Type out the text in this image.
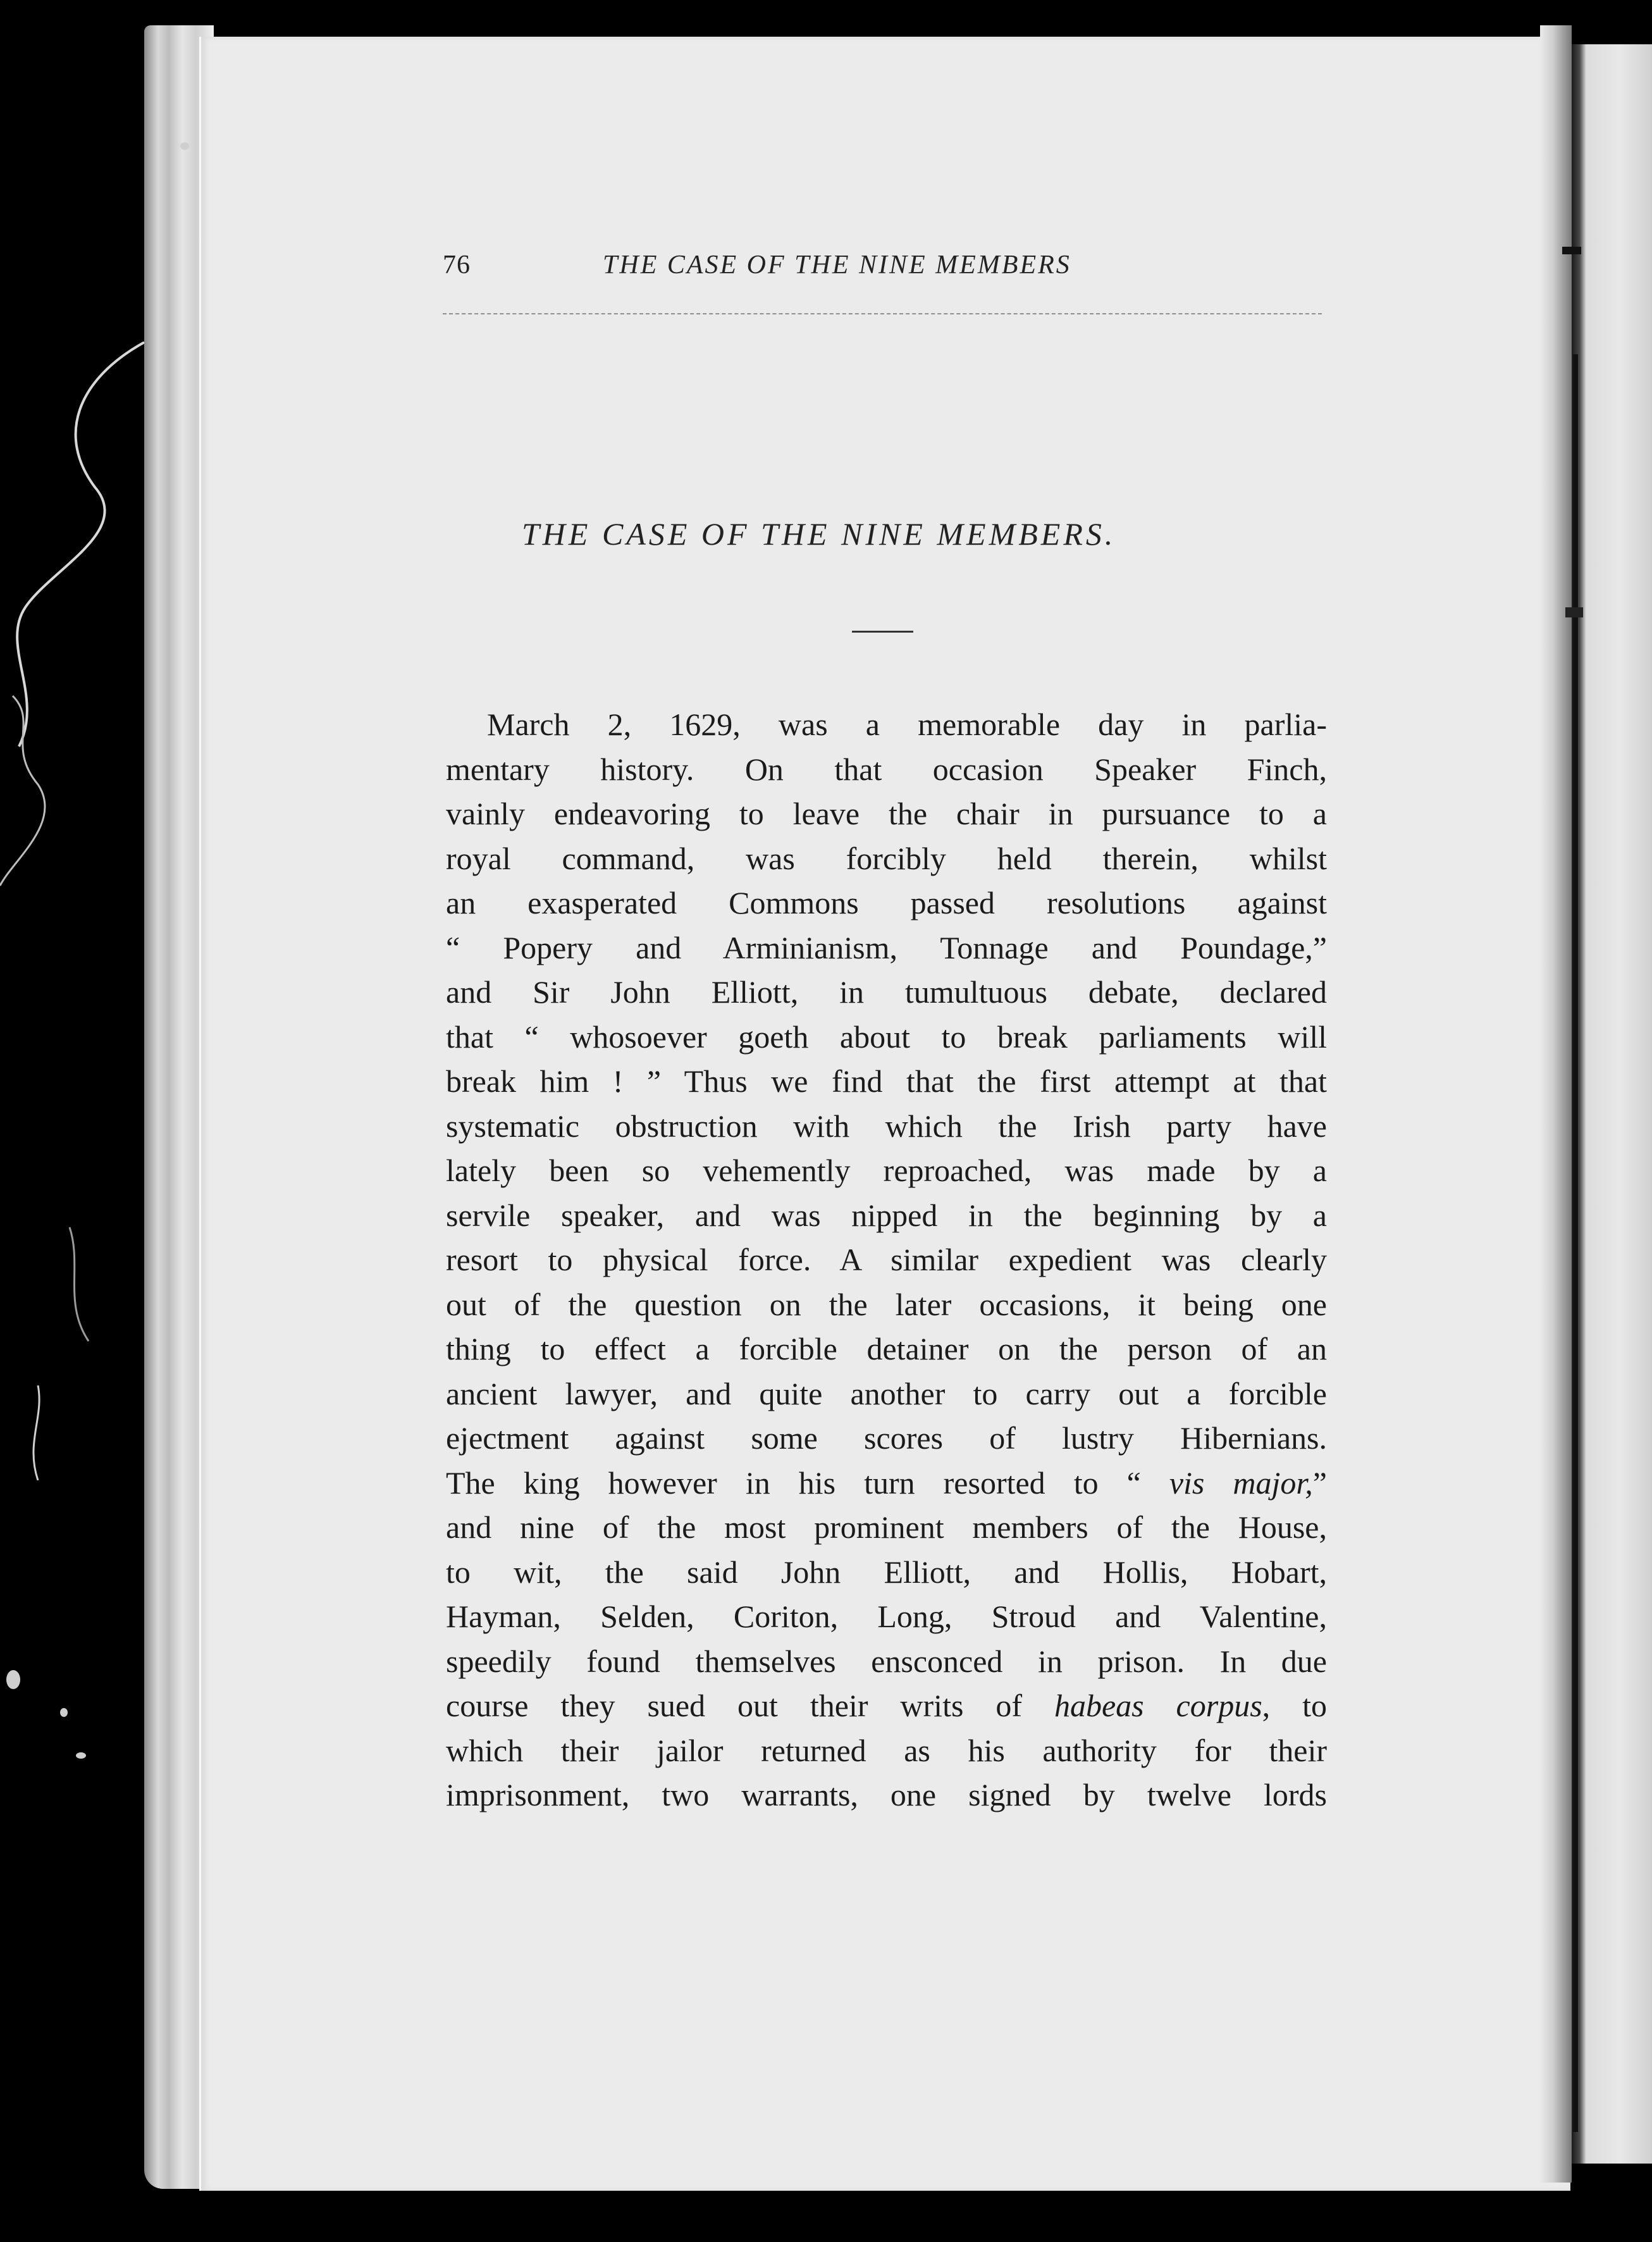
76	THE CASE OF THE NINE MEMBERS
THE CASE OF THE NINE MEMBERS.
March 2, 1629, was a memorable day in parlia-
mentary history. On that occasion Speaker Finch,
vainly endeavoring to leave the chair in pursuance to a
royal command, was forcibly held therein, whilst
an exasperated Commons passed resolutions against
“ Popery and Arminianism, Tonnage and Poundage,”
and Sir John Elliott, in tumultuous debate, declared
that “ whosoever goeth about to break parliaments will
break him ! ” Thus we find that the first attempt at that
systematic obstruction with which the Irish party have
lately been so vehemently reproached, was made by a
servile speaker, and was nipped in the beginning by a
resort to physical force. A similar expedient was clearly
out of the question on the later occasions, it being one
thing to effect a forcible detainer on the person of an
ancient lawyer, and quite another to carry out a forcible
ejectment against some scores of lustry Hibernians.
The king however in his turn resorted to “ vis major,”
and nine of the most prominent members of the House,
to wit, the said John Elliott, and Hollis, Hobart,
Hayman, Selden, Coriton, Long, Stroud and Valentine,
speedily found themselves ensconced in prison. In due
course they sued out their writs of habeas corpus, to
which their jailor returned as his authority for their
imprisonment, two warrants, one signed by twelve lords
